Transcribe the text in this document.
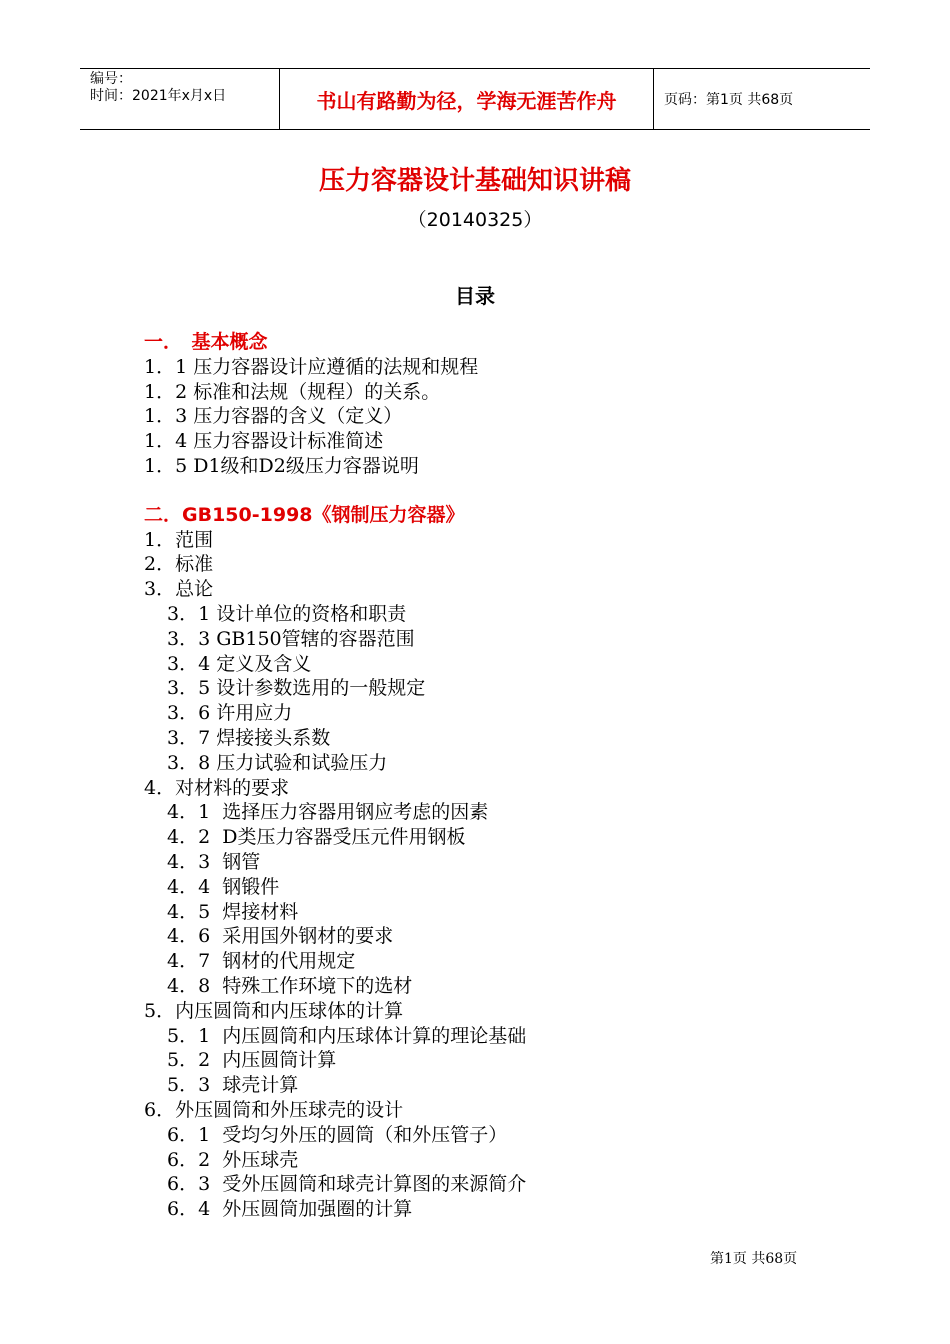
编号：
时间：2021年x月x日	书山有路勤为径，学海无涯苦作舟	页码：第1页 共68页
压力容器设计基础知识讲稿
（20140325）
目录
一．　基本概念
1．1 压力容器设计应遵循的法规和规程
1．2 标准和法规（规程）的关系。
1．3 压力容器的含义（定义）
1．4 压力容器设计标准简述
1．5 D1级和D2级压力容器说明
二．GB150-1998《钢制压力容器》
1．范围
2．标准
3．总论
3．1 设计单位的资格和职责
3．3 GB150管辖的容器范围
3．4 定义及含义
3．5 设计参数选用的一般规定
3．6 许用应力
3．7 焊接接头系数
3．8 压力试验和试验压力
4．对材料的要求
4．1  选择压力容器用钢应考虑的因素
4．2  D类压力容器受压元件用钢板
4．3  钢管
4．4  钢锻件
4．5  焊接材料
4．6  采用国外钢材的要求
4．7  钢材的代用规定
4．8  特殊工作环境下的选材
5．内压圆筒和内压球体的计算
5．1  内压圆筒和内压球体计算的理论基础
5．2  内压圆筒计算
5．3  球壳计算
6．外压圆筒和外压球壳的设计
6．1  受均匀外压的圆筒（和外压管子）
6．2  外压球壳
6．3  受外压圆筒和球壳计算图的来源简介
6．4  外压圆筒加强圈的计算
第1页 共68页
